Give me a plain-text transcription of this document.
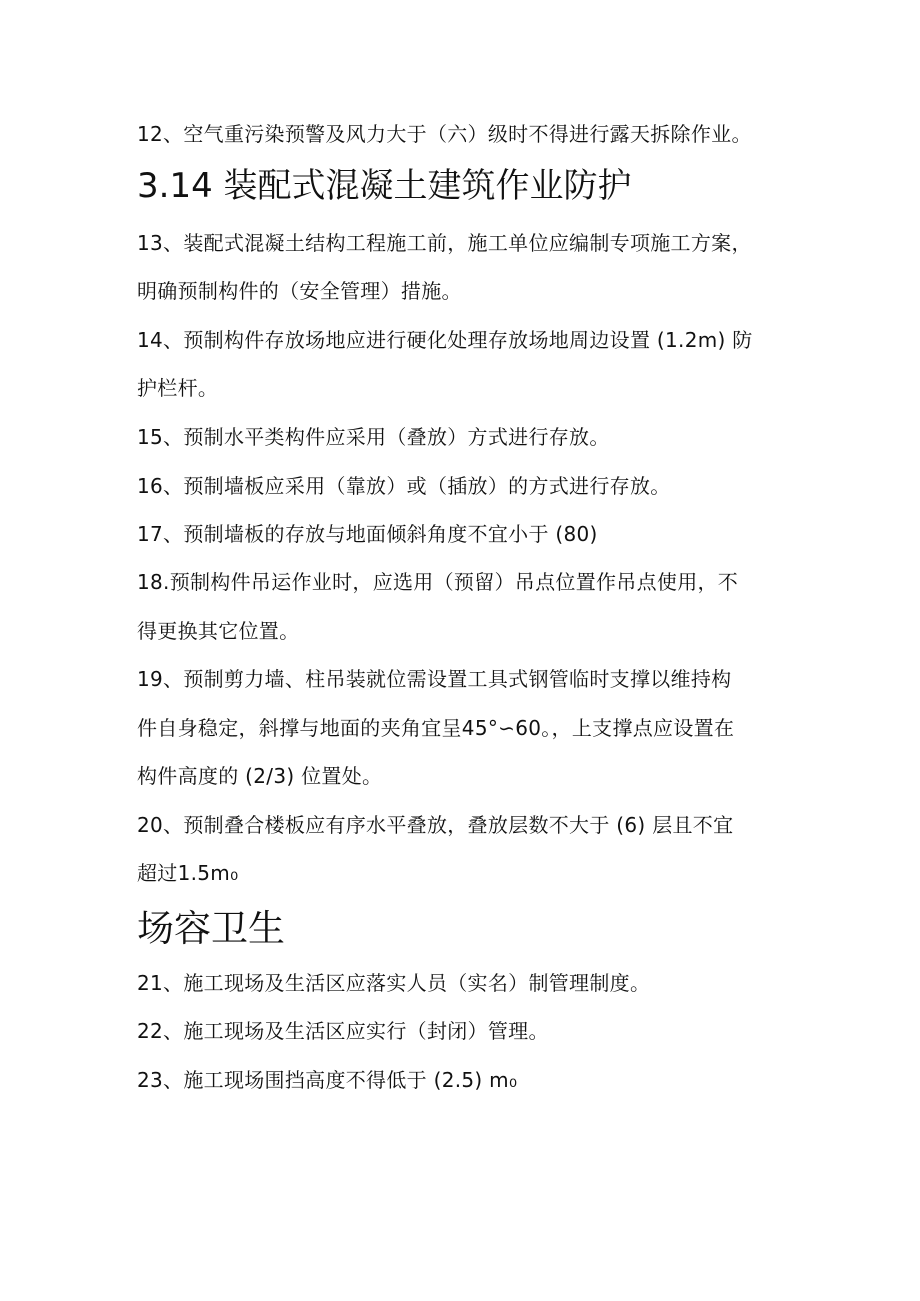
12、空气重污染预警及风力大于（六）级时不得进行露天拆除作业。
3.14 装配式混凝土建筑作业防护
13、装配式混凝土结构工程施工前，施工单位应编制专项施工方案，
明确预制构件的（安全管理）措施。
14、预制构件存放场地应进行硬化处理存放场地周边设置 (1.2m) 防
护栏杆。
15、预制水平类构件应采用（叠放）方式进行存放。
16、预制墙板应采用（靠放）或（插放）的方式进行存放。
17、预制墙板的存放与地面倾斜角度不宜小于 (80)
18.预制构件吊运作业时，应选用（预留）吊点位置作吊点使用，不
得更换其它位置。
19、预制剪力墙、柱吊装就位需设置工具式钢管临时支撑以维持构
件自身稳定，斜撑与地面的夹角宜呈45°∽60。，上支撑点应设置在
构件高度的 (2/3) 位置处。
20、预制叠合楼板应有序水平叠放，叠放层数不大于 (6) 层且不宜
超过1.5m₀
场容卫生
21、施工现场及生活区应落实人员（实名）制管理制度。
22、施工现场及生活区应实行（封闭）管理。
23、施工现场围挡高度不得低于 (2.5) m₀
